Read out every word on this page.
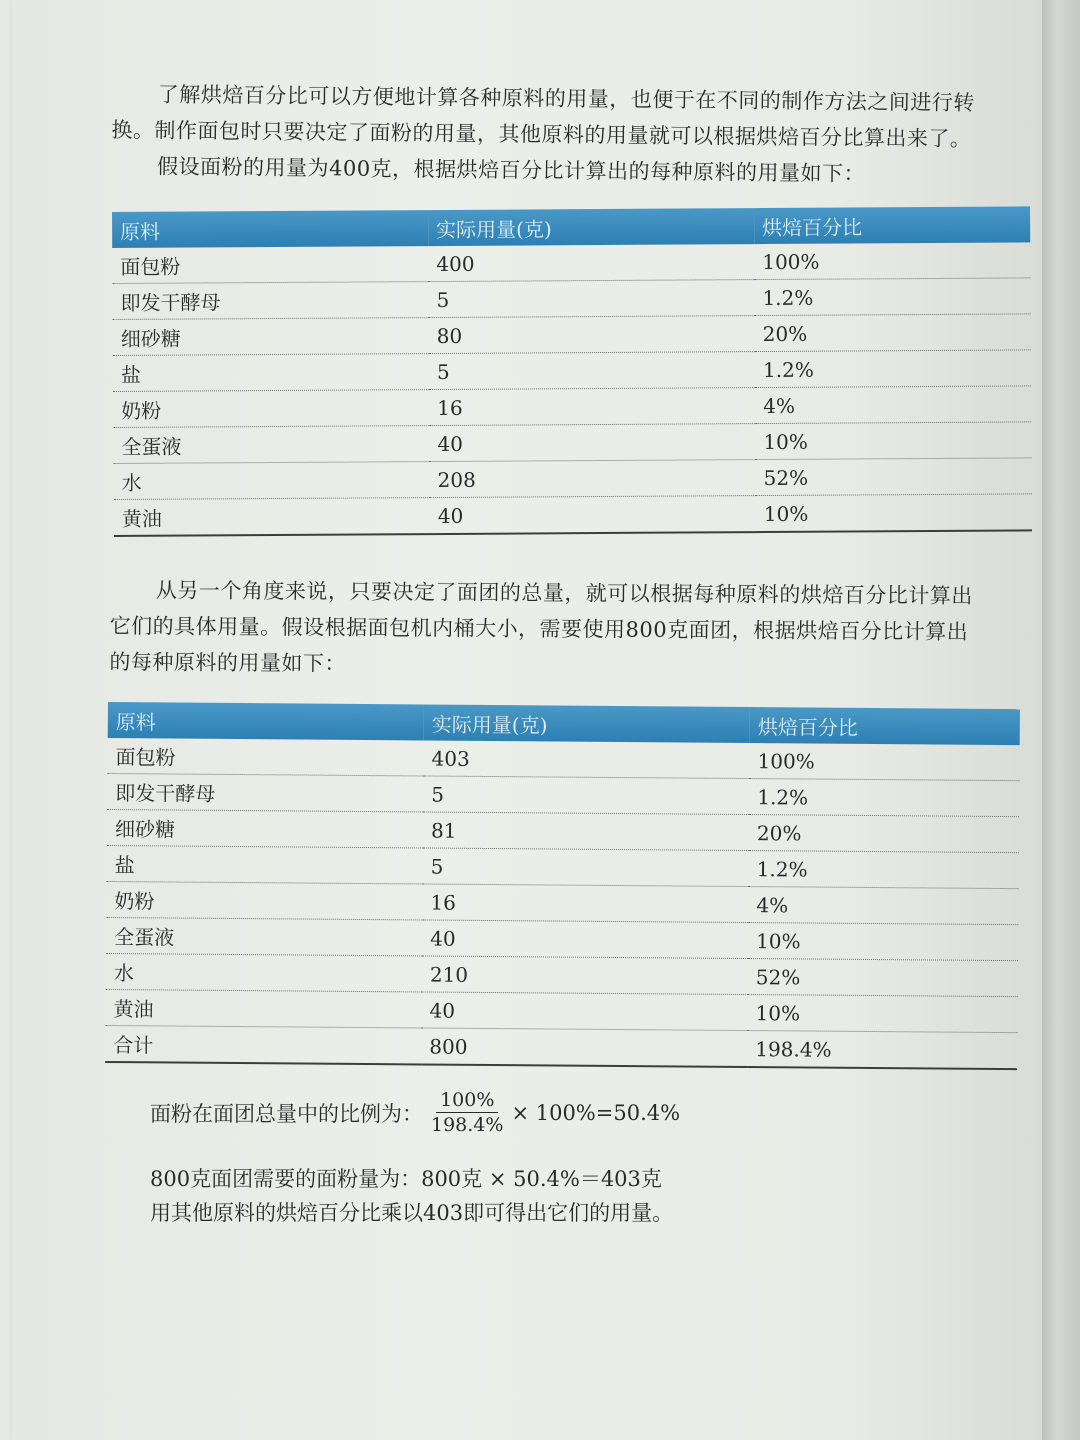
了解烘焙百分比可以方便地计算各种原料的用量，也便于在不同的制作方法之间进行转

换。制作面包时只要决定了面粉的用量，其他原料的用量就可以根据烘焙百分比算出来了。

假设面粉的用量为400克，根据烘焙百分比计算出的每种原料的用量如下：

原料	实际用量(克)	烘焙百分比
面包粉	400	100%
即发干酵母	5	1.2%
细砂糖	80	20%
盐	5	1.2%
奶粉	16	4%
全蛋液	40	10%
水	208	52%
黄油	40	10%

从另一个角度来说，只要决定了面团的总量，就可以根据每种原料的烘焙百分比计算出

它们的具体用量。假设根据面包机内桶大小，需要使用800克面团，根据烘焙百分比计算出

的每种原料的用量如下：

原料	实际用量(克)	烘焙百分比
面包粉	403	100%
即发干酵母	5	1.2%
细砂糖	81	20%
盐	5	1.2%
奶粉	16	4%
全蛋液	40	10%
水	210	52%
黄油	40	10%
合计	800	198.4%
面粉在面团总量中的比例为： $\frac{100\%}{198.4\%} \times 100\%=50.4\%$

800克面团需要的面粉量为：800克 × 50.4%＝403克

用其他原料的烘焙百分比乘以403即可得出它们的用量。
